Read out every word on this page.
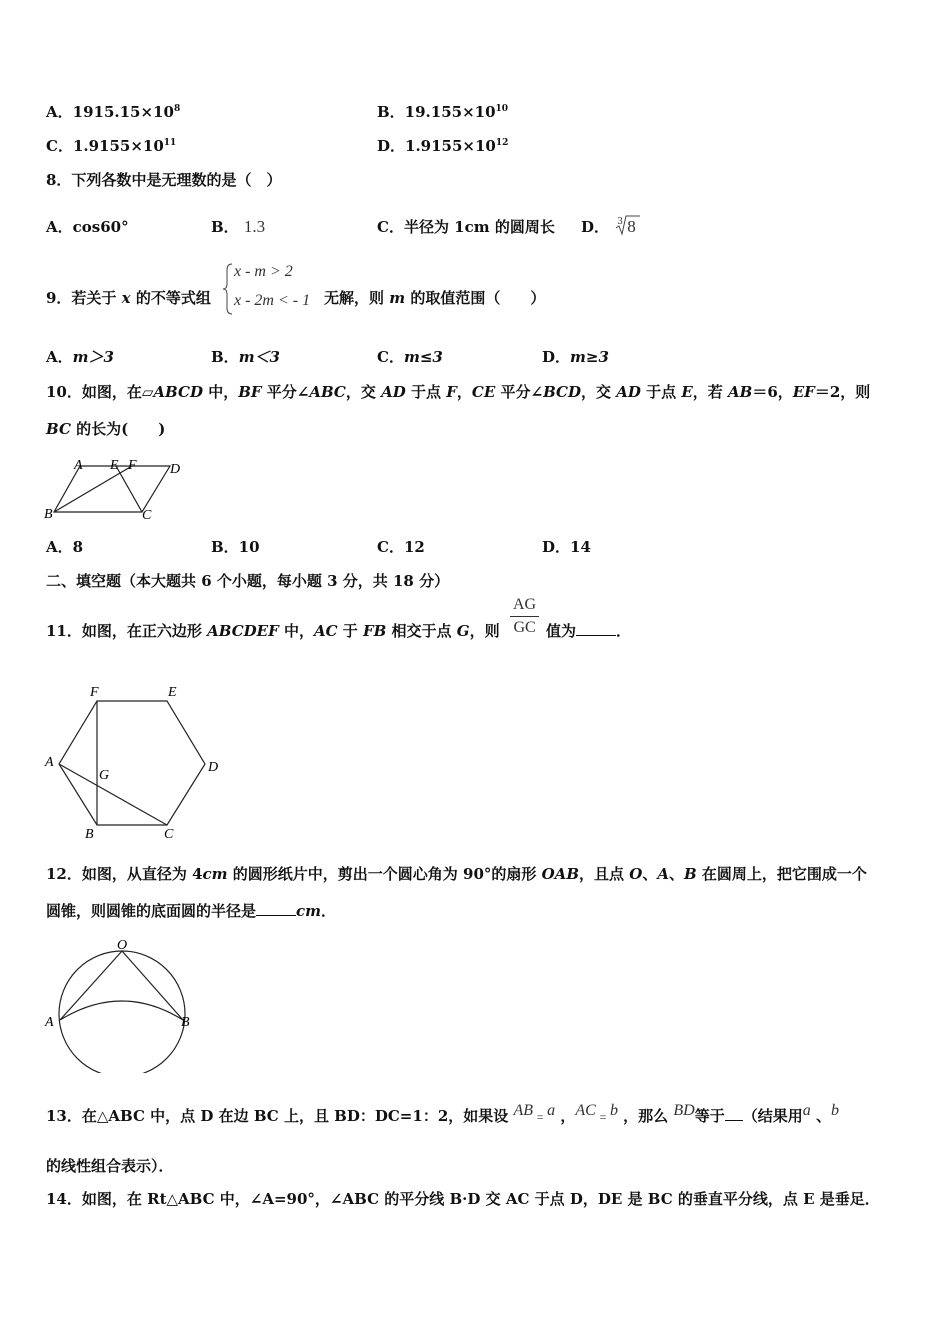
A．$1915.15\times 10^8$	B．$19.155\times 10^{10}$
C．$1.9155\times 10^{11}$	D．$1.9155\times 10^{12}$
8．下列各数中是无理数的是（　）
A．cos60°	B． 1.3	C．半径为 1cm 的圆周长 D． 3 8
9．若关于 x 的不等式组
x - m > 2
x - 2m < - 1 无解，则 m 的取值范围（　　）
A．m＞3	B．m＜3	C．m≤3	D．m≥3
10．如图，在▱ABCD 中，BF 平分∠ABC，交 AD 于点 F，CE 平分∠BCD，交 AD 于点 E，若 AB＝6，EF＝2，则
BC 的长为(　　)
A E F D
B	C
A．8	B．10	C．12	D．14
二、填空题（本大题共 6 个小题，每小题 3 分，共 18 分）
11．如图，在正六边形 ABCDEF 中，AC 于 FB 相交于点 G，则 $\frac{AG}{GC}$ 值为	．
F	E
A	D
G
B	C
12．如图，从直径为 4cm 的圆形纸片中，剪出一个圆心角为 90°的扇形 OAB，且点 O、A、B 在圆周上，把它围成一个
圆锥，则圆锥的底面圆的半径是	cm．
O
A	B
13．在△ABC 中，点 D 在边 BC 上，且 BD：DC=1：2，如果设 AB = a ，AC = b ，那么 BD等于 （结果用a 、b
的线性组合表示）．
14．如图，在 Rt△ABC 中，∠A=90°，∠ABC 的平分线 B·D 交 AC 于点 D，DE 是 BC 的垂直平分线，点 E 是垂足．
